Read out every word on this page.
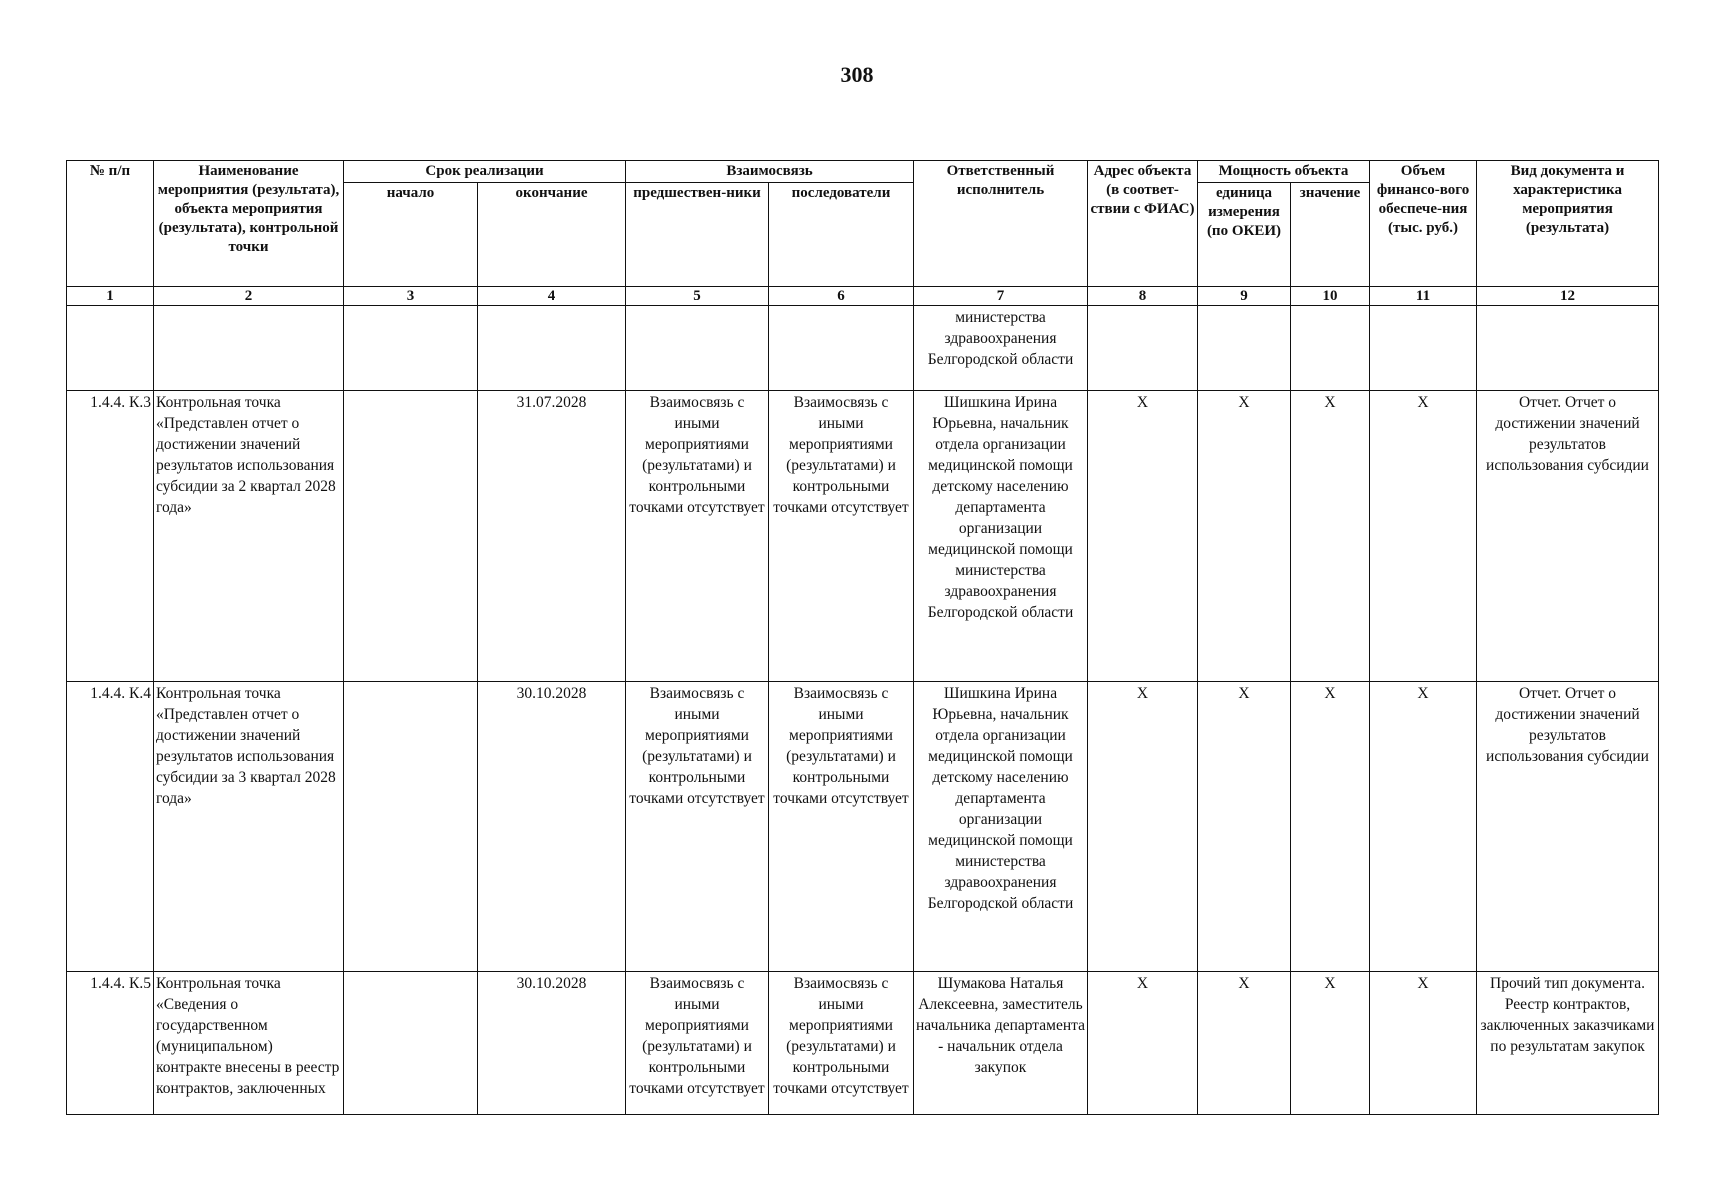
308
№ п/п	Наименование мероприятия (результата), объекта мероприятия (результата), контрольной точки	Срок реализации		Взаимосвязь		Ответственный исполнитель	Адрес объекта (в соответ-ствии с ФИАС)	Мощность объекта		Объем финансо-вого обеспече-ния (тыс. руб.)	Вид документа и характеристика мероприятия (результата)
		начало	окончание	предшествен-ники	последователи			единица измерения (по ОКЕИ)	значение		
1	2	3	4	5	6	7	8	9	10	11	12
						министерства здравоохранения Белгородской области					
1.4.4. К.3	Контрольная точка «Представлен отчет о достижении значений результатов использования субсидии за 2 квартал 2028 года»		31.07.2028	Взаимосвязь с иными мероприятиями (результатами) и контрольными точками отсутствует	Взаимосвязь с иными мероприятиями (результатами) и контрольными точками отсутствует	Шишкина Ирина Юрьевна, начальник отдела организации медицинской помощи детскому населению департамента организации медицинской помощи министерства здравоохранения Белгородской области	X	X	X	X	Отчет. Отчет о достижении значений результатов использования субсидии
1.4.4. К.4	Контрольная точка «Представлен отчет о достижении значений результатов использования субсидии за 3 квартал 2028 года»		30.10.2028	Взаимосвязь с иными мероприятиями (результатами) и контрольными точками отсутствует	Взаимосвязь с иными мероприятиями (результатами) и контрольными точками отсутствует	Шишкина Ирина Юрьевна, начальник отдела организации медицинской помощи детскому населению департамента организации медицинской помощи министерства здравоохранения Белгородской области	X	X	X	X	Отчет. Отчет о достижении значений результатов использования субсидии
1.4.4. К.5	Контрольная точка «Сведения о государственном (муниципальном) контракте внесены в реестр контрактов, заключенных		30.10.2028	Взаимосвязь с иными мероприятиями (результатами) и контрольными точками отсутствует	Взаимосвязь с иными мероприятиями (результатами) и контрольными точками отсутствует	Шумакова Наталья Алексеевна, заместитель начальника департамента - начальник отдела закупок	X	X	X	X	Прочий тип документа. Реестр контрактов, заключенных заказчиками по результатам закупок
